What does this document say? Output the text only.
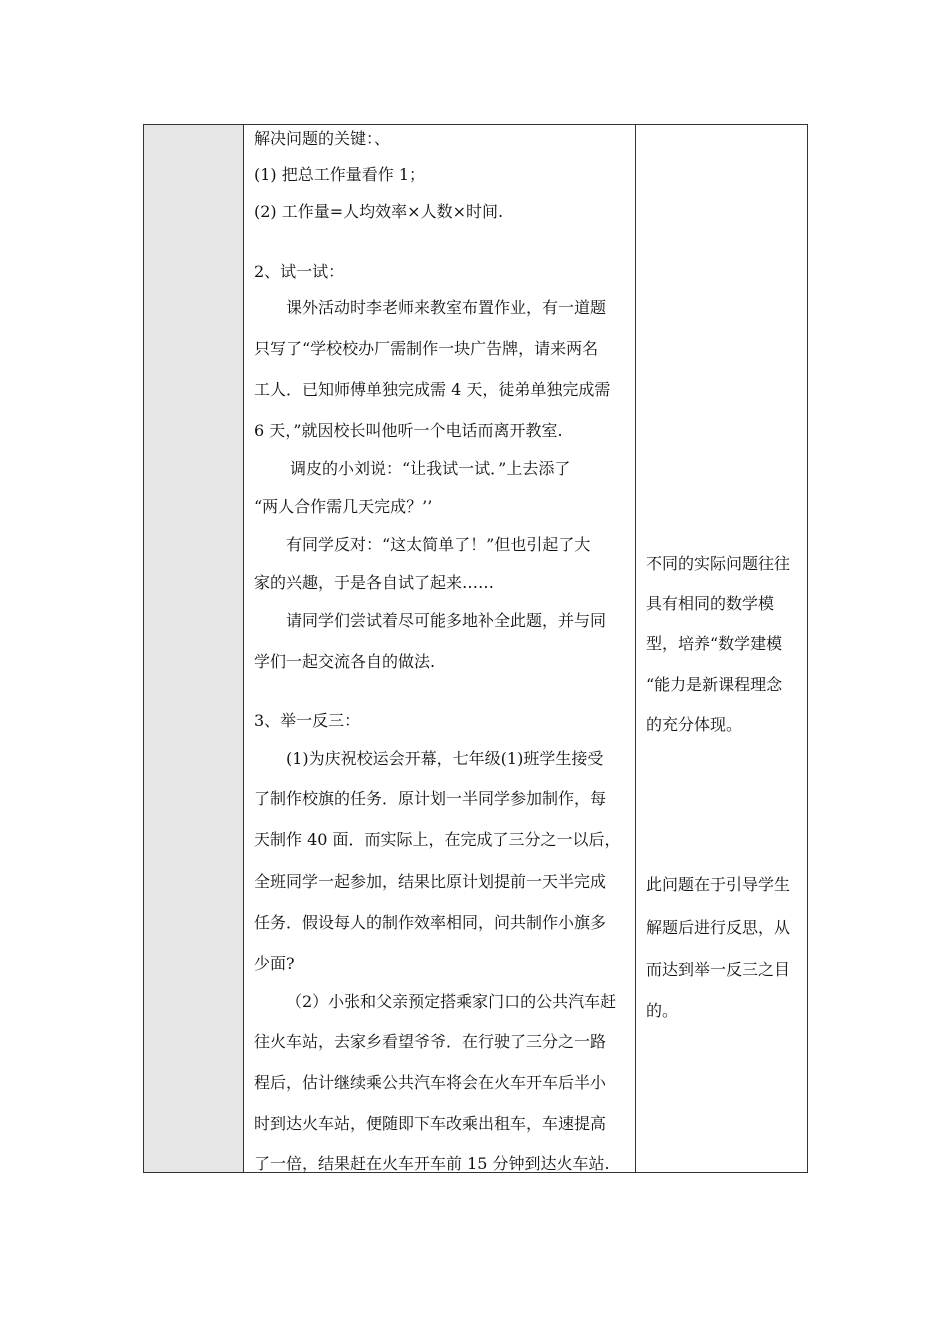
解决问题的关键：、
(1) 把总工作量看作 1；
(2) 工作量=人均效率×人数×时间.
2、试一试：
课外活动时李老师来教室布置作业，有一道题
只写了“学校校办厂需制作一块广告牌，请来两名
工人．已知师傅单独完成需 4 天，徒弟单独完成需
6 天，”就因校长叫他听一个电话而离开教室.
调皮的小刘说：“让我试一试．”上去添了
“两人合作需几天完成？’’
有同学反对：“这太简单了！”但也引起了大
家的兴趣，于是各自试了起来……
请同学们尝试着尽可能多地补全此题，并与同
学们一起交流各自的做法.
3、举一反三：
(1)为庆祝校运会开幕，七年级(1)班学生接受
了制作校旗的任务．原计划一半同学参加制作，每
天制作 40 面．而实际上，在完成了三分之一以后，
全班同学一起参加，结果比原计划提前一天半完成
任务．假设每人的制作效率相同，问共制作小旗多
少面?
（2）小张和父亲预定搭乘家门口的公共汽车赶
往火车站，去家乡看望爷爷．在行驶了三分之一路
程后，估计继续乘公共汽车将会在火车开车后半小
时到达火车站，便随即下车改乘出租车，车速提高
了一倍，结果赶在火车开车前 15 分钟到达火车站.
不同的实际问题往往
具有相同的数学模
型，培养“数学建模
“能力是新课程理念
的充分体现。
此问题在于引导学生
解题后进行反思，从
而达到举一反三之目
的。
